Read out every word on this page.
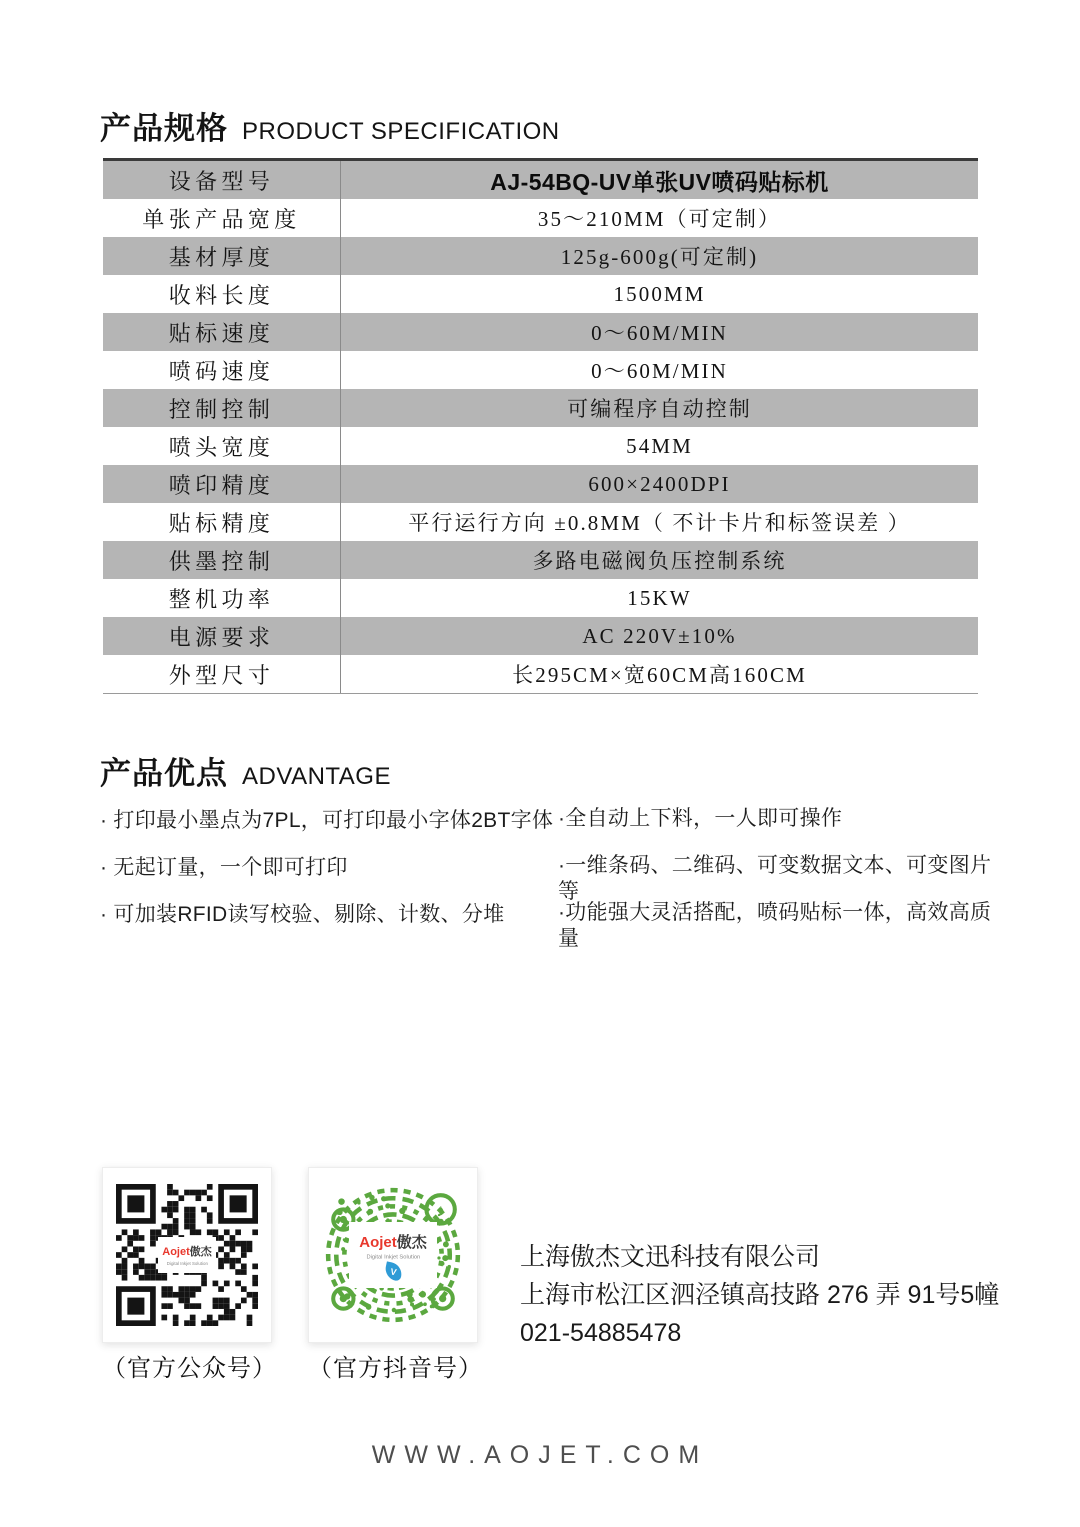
产品规格 PRODUCT SPECIFICATION
设备型号	AJ-54BQ-UV单张UV喷码贴标机
单张产品宽度	35～210MM（可定制）
基材厚度	125g-600g(可定制)
收料长度	1500MM
贴标速度	0～60M/MIN
喷码速度	0～60M/MIN
控制控制	可编程序自动控制
喷头宽度	54MM
喷印精度	600×2400DPI
贴标精度	平行运行方向 ±0.8MM（ 不计卡片和标签误差 ）
供墨控制	多路电磁阀负压控制系统
整机功率	15KW
电源要求	AC 220V±10%
外型尺寸	长295CM×宽60CM高160CM
产品优点 ADVANTAGE
· 打印最小墨点为7PL，可打印最小字体2BT字体
· 无起订量，一个即可打印
· 可加装RFID读写校验、剔除、计数、分堆
·全自动上下料，一人即可操作
·一维条码、二维码、可变数据文本、可变图片等
·功能强大灵活搭配，喷码贴标一体，高效高质量
Aojet 傲杰
Digital Inkjet Solution
♪
Aojet 傲杰
Digital Inkjet Solution
V
（官方公众号） （官方抖音号）
上海傲杰文迅科技有限公司
上海市松江区泗泾镇高技路 276 弄 91号5幢
021-54885478
WWW.AOJET.COM
